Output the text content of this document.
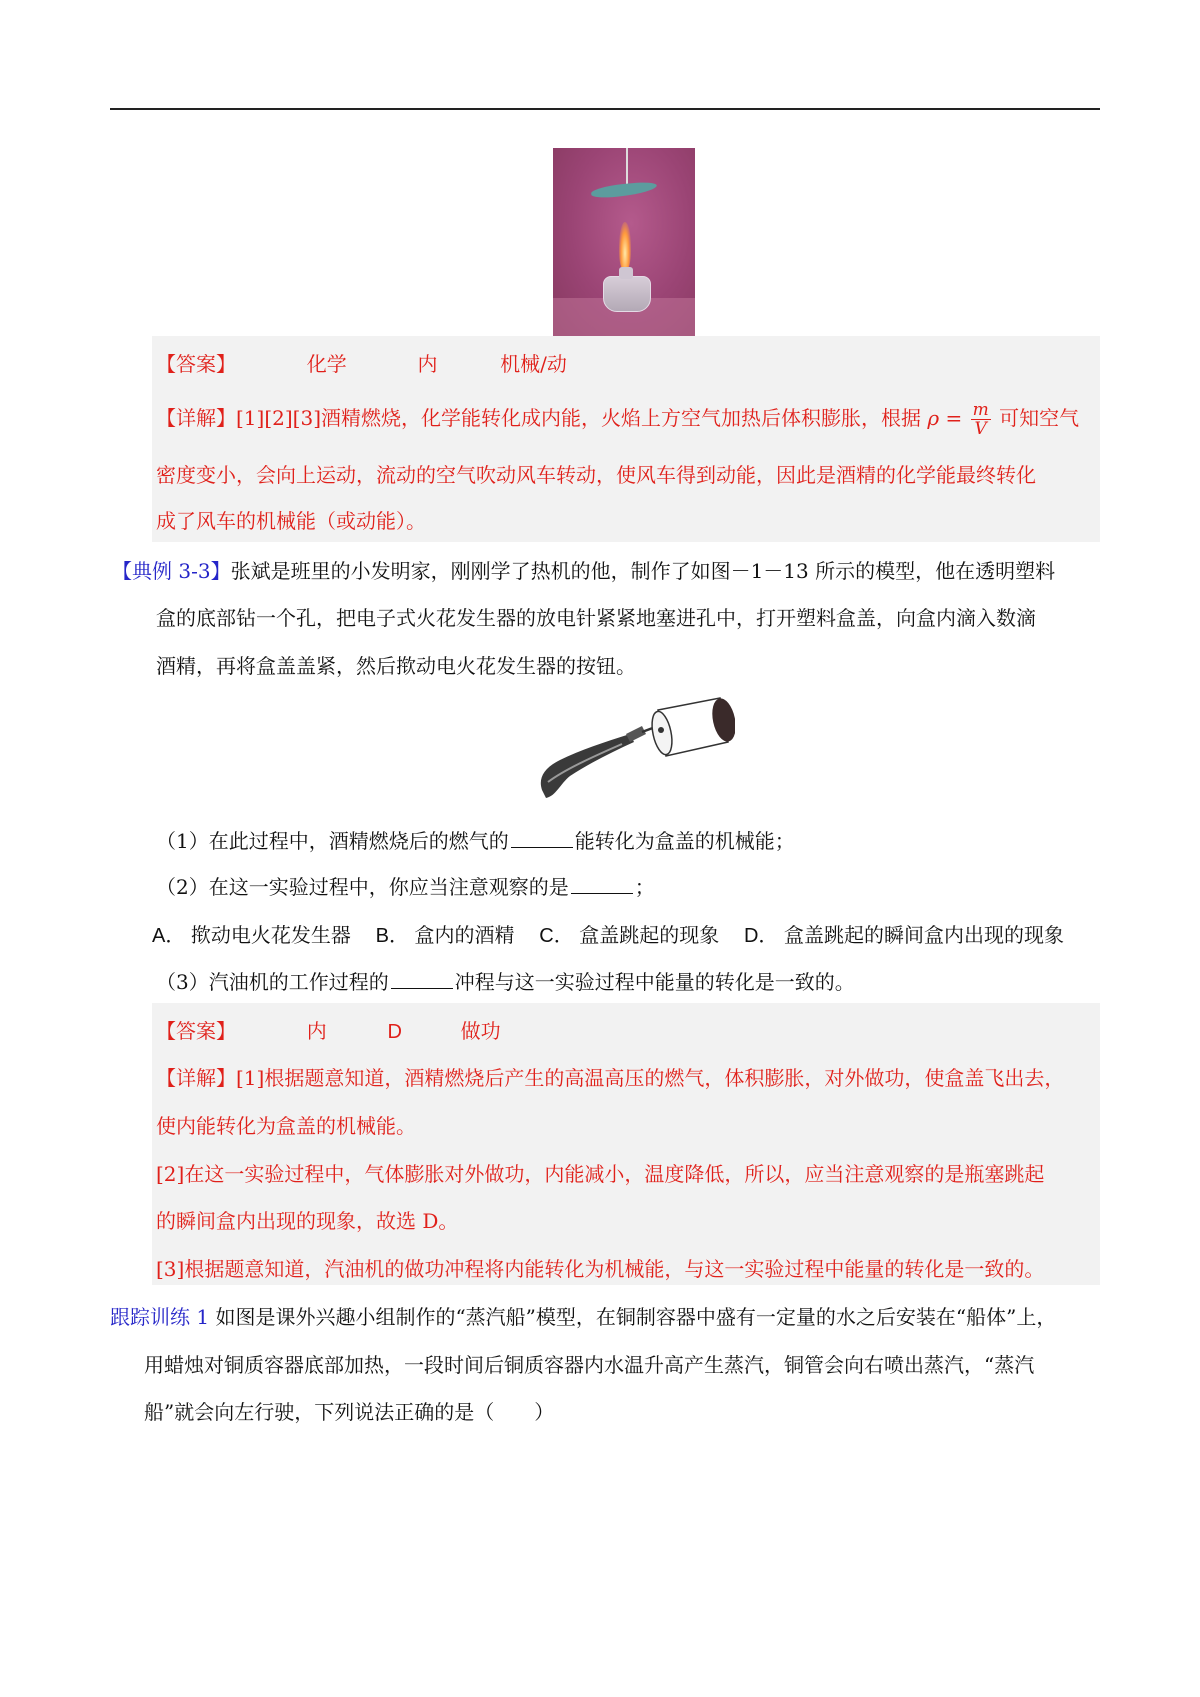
【答案】	化学	内	机械/动
【详解】[1][2][3]酒精燃烧，化学能转化成内能，火焰上方空气加热后体积膨胀，根据 $\rho = \frac{m}{V}$ 可知空气
密度变小，会向上运动，流动的空气吹动风车转动，使风车得到动能，因此是酒精的化学能最终转化
成了风车的机械能（或动能）。
【典例 3-3】张斌是班里的小发明家，刚刚学了热机的他，制作了如图－1－13 所示的模型，他在透明塑料
盒的底部钻一个孔，把电子式火花发生器的放电针紧紧地塞进孔中，打开塑料盒盖，向盒内滴入数滴
酒精，再将盒盖盖紧，然后揿动电火花发生器的按钮。
（1）在此过程中，酒精燃烧后的燃气的	能转化为盒盖的机械能；
（2）在这一实验过程中，你应当注意观察的是	；
A． 揿动电火花发生器 B． 盒内的酒精 C． 盒盖跳起的现象 D． 盒盖跳起的瞬间盒内出现的现象
（3）汽油机的工作过程的	冲程与这一实验过程中能量的转化是一致的。
【答案】	内	D	做功
【详解】[1]根据题意知道，酒精燃烧后产生的高温高压的燃气，体积膨胀，对外做功，使盒盖飞出去，
使内能转化为盒盖的机械能。
[2]在这一实验过程中，气体膨胀对外做功，内能减小，温度降低，所以，应当注意观察的是瓶塞跳起
的瞬间盒内出现的现象，故选 D。
[3]根据题意知道，汽油机的做功冲程将内能转化为机械能，与这一实验过程中能量的转化是一致的。
跟踪训练 1 如图是课外兴趣小组制作的“蒸汽船”模型，在铜制容器中盛有一定量的水之后安装在“船体”上，
用蜡烛对铜质容器底部加热，一段时间后铜质容器内水温升高产生蒸汽，铜管会向右喷出蒸汽，“蒸汽
船”就会向左行驶，下列说法正确的是（　　）
